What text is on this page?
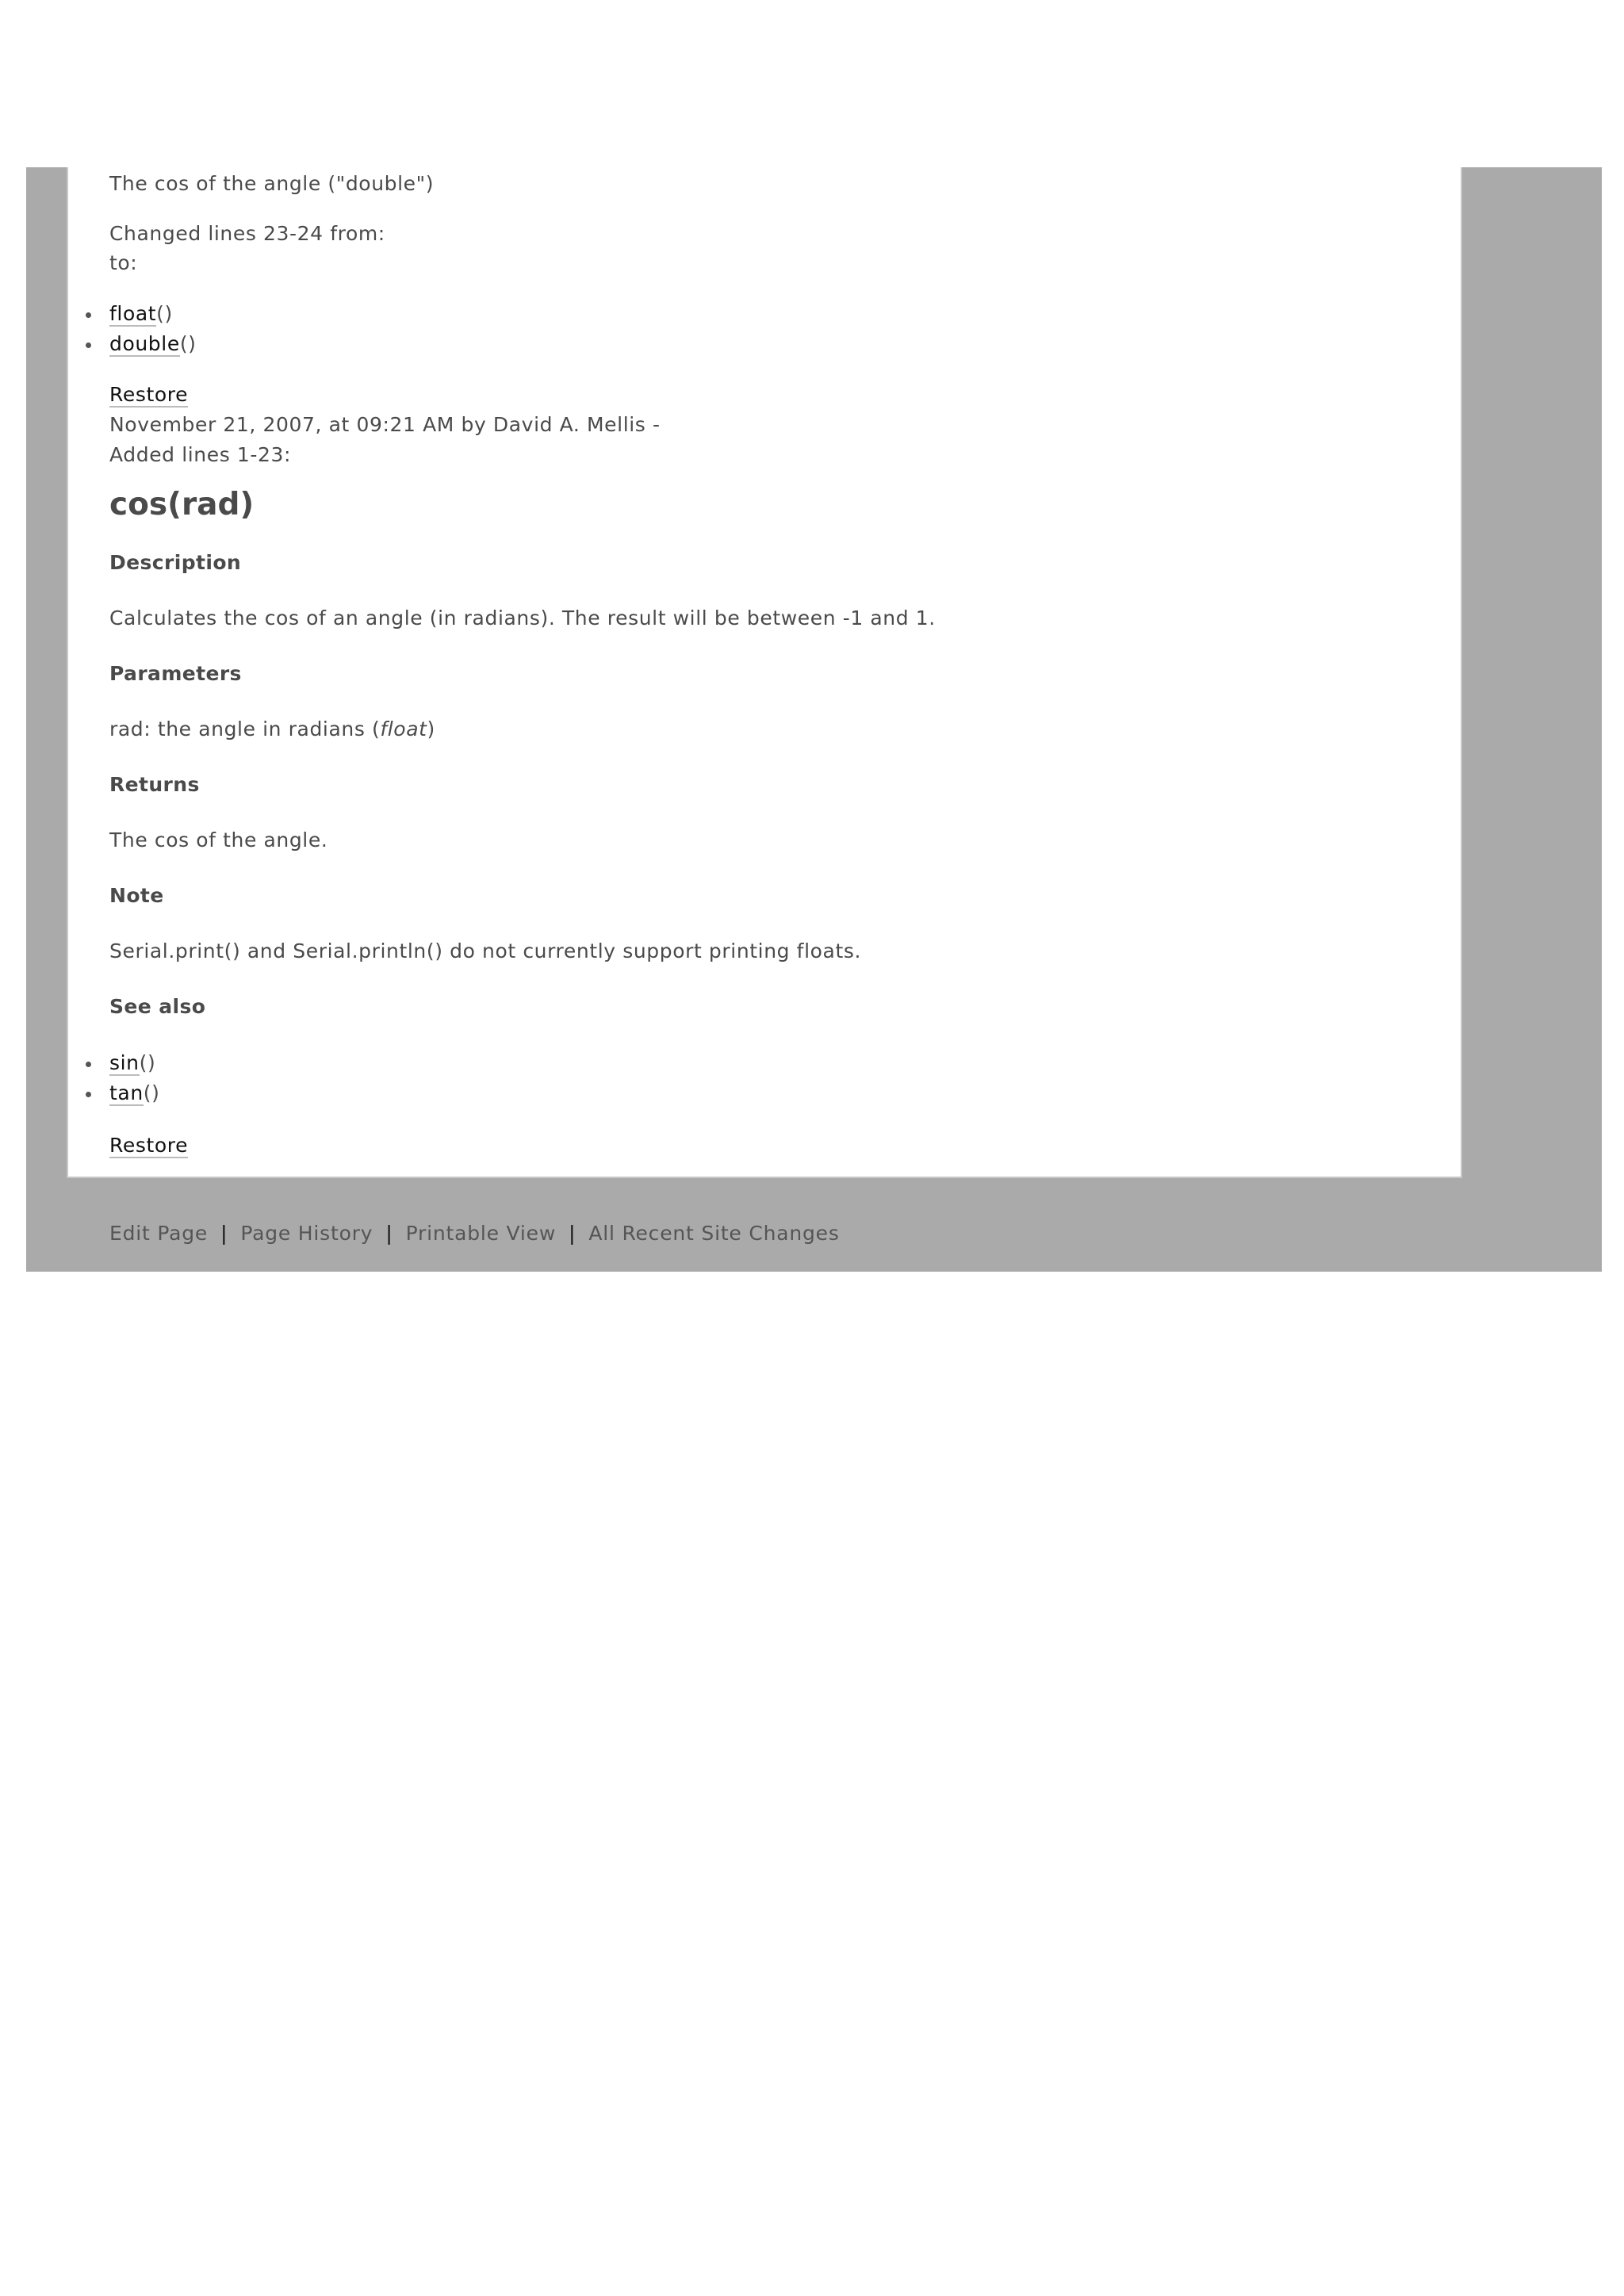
The cos of the angle ("double")
Changed lines 23-24 from:
to:
float()
double()
Restore
November 21, 2007, at 09:21 AM by David A. Mellis -
Added lines 1-23:
cos(rad)
Description
Calculates the cos of an angle (in radians). The result will be between -1 and 1.
Parameters
rad: the angle in radians (float)
Returns
The cos of the angle.
Note
Serial.print() and Serial.println() do not currently support printing floats.
See also
sin()
tan()
Restore
Edit Page | Page History | Printable View | All Recent Site Changes
